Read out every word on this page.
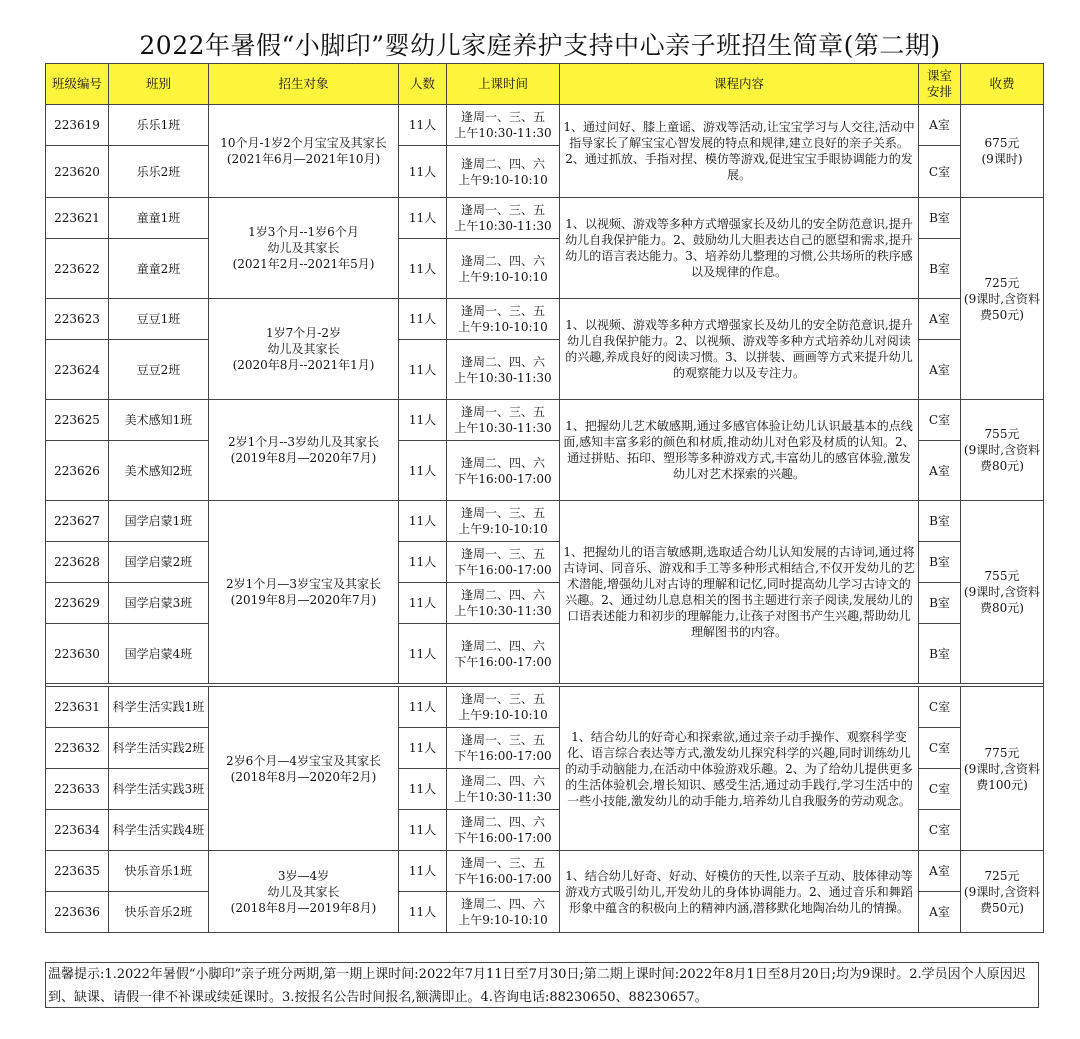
2022年暑假“小脚印”婴幼儿家庭养护支持中心亲子班招生简章(第二期)
班级编号	班别	招生对象	人数	上课时间	课程内容	课室安排	收费
223619	乐乐1班	10个月-1岁2个月宝宝及其家长(2021年6月—2021年10月)	11人	逢周一、三、五
上午10:30-11:30	1、通过问好、膝上童谣、游戏等活动,让宝宝学习与人交往,活动中指导家长了解宝宝心智发展的特点和规律,建立良好的亲子关系。2、通过抓放、手指对捏、模仿等游戏,促进宝宝手眼协调能力的发展。	A室	675元
(9课时)
223620	乐乐2班		11人	逢周二、四、六
上午9:10-10:10		C室	
223621	童童1班	1岁3个月--1岁6个月
幼儿及其家长
(2021年2月--2021年5月)	11人	逢周一、三、五
上午10:30-11:30	1、以视频、游戏等多种方式增强家长及幼儿的安全防范意识,提升幼儿自我保护能力。2、鼓励幼儿大胆表达自己的愿望和需求,提升幼儿的语言表达能力。3、培养幼儿整理的习惯,公共场所的秩序感以及规律的作息。	B室	725元
(9课时,含资料费50元)
223622	童童2班		11人	逢周二、四、六
上午9:10-10:10		B室	
223623	豆豆1班	1岁7个月-2岁
幼儿及其家长
(2020年8月--2021年1月)	11人	逢周一、三、五
上午9:10-10:10	1、以视频、游戏等多种方式增强家长及幼儿的安全防范意识,提升幼儿自我保护能力。2、以视频、游戏等多种方式培养幼儿对阅读的兴趣,养成良好的阅读习惯。3、以拼装、画画等方式来提升幼儿的观察能力以及专注力。	A室	
223624	豆豆2班		11人	逢周二、四、六
上午10:30-11:30		A室	
223625	美术感知1班	2岁1个月--3岁幼儿及其家长
(2019年8月—2020年7月)	11人	逢周一、三、五
上午10:30-11:30	1、把握幼儿艺术敏感期,通过多感官体验让幼儿认识最基本的点线面,感知丰富多彩的颜色和材质,推动幼儿对色彩及材质的认知。2、通过拼贴、拓印、塑形等多种游戏方式,丰富幼儿的感官体验,激发幼儿对艺术探索的兴趣。	C室	755元
(9课时,含资料费80元)
223626	美术感知2班		11人	逢周二、四、六
下午16:00-17:00		A室	
223627	国学启蒙1班	2岁1个月—3岁宝宝及其家长
(2019年8月—2020年7月)	11人	逢周一、三、五
上午9:10-10:10	1、把握幼儿的语言敏感期,选取适合幼儿认知发展的古诗词,通过将古诗词、同音乐、游戏和手工等多种形式相结合,不仅开发幼儿的艺术潜能,增强幼儿对古诗的理解和记忆,同时提高幼儿学习古诗文的兴趣。2、通过幼儿息息相关的图书主题进行亲子阅读,发展幼儿的口语表述能力和初步的理解能力,让孩子对图书产生兴趣,帮助幼儿理解图书的内容。	B室	755元
(9课时,含资料费80元)
223628	国学启蒙2班		11人	逢周一、三、五
下午16:00-17:00		B室	
223629	国学启蒙3班		11人	逢周二、四、六
上午10:30-11:30		B室	
223630	国学启蒙4班		11人	逢周二、四、六
下午16:00-17:00		B室	

223631	科学生活实践1班	2岁6个月—4岁宝宝及其家长
(2018年8月—2020年2月)	11人	逢周一、三、五
上午9:10-10:10	1、结合幼儿的好奇心和探索欲,通过亲子动手操作、观察科学变化、语言综合表达等方式,激发幼儿探究科学的兴趣,同时训练幼儿的动手动脑能力,在活动中体验游戏乐趣。2、为了给幼儿提供更多的生活体验机会,增长知识、感受生活,通过动手践行,学习生活中的一些小技能,激发幼儿的动手能力,培养幼儿自我服务的劳动观念。	C室	775元
(9课时,含资料费100元)
223632	科学生活实践2班		11人	逢周一、三、五
下午16:00-17:00		C室	
223633	科学生活实践3班		11人	逢周二、四、六
上午10:30-11:30		C室	
223634	科学生活实践4班		11人	逢周二、四、六
下午16:00-17:00		C室	
223635	快乐音乐1班	3岁—4岁
幼儿及其家长
(2018年8月—2019年8月)	11人	逢周一、三、五
下午16:00-17:00	1、结合幼儿好奇、好动、好模仿的天性,以亲子互动、肢体律动等游戏方式吸引幼儿,开发幼儿的身体协调能力。2、通过音乐和舞蹈形象中蕴含的积极向上的精神内涵,潜移默化地陶冶幼儿的情操。	A室	725元
(9课时,含资料费50元)
223636	快乐音乐2班		11人	逢周二、四、六
上午9:10-10:10		A室	
温馨提示:1.2022年暑假“小脚印”亲子班分两期,第一期上课时间:2022年7月11日至7月30日;第二期上课时间:2022年8月1日至8月20日;均为9课时。2.学员因个人原因迟到、缺课、请假一律不补课或续延课时。3.按报名公告时间报名,额满即止。4.咨询电话:88230650、88230657。
